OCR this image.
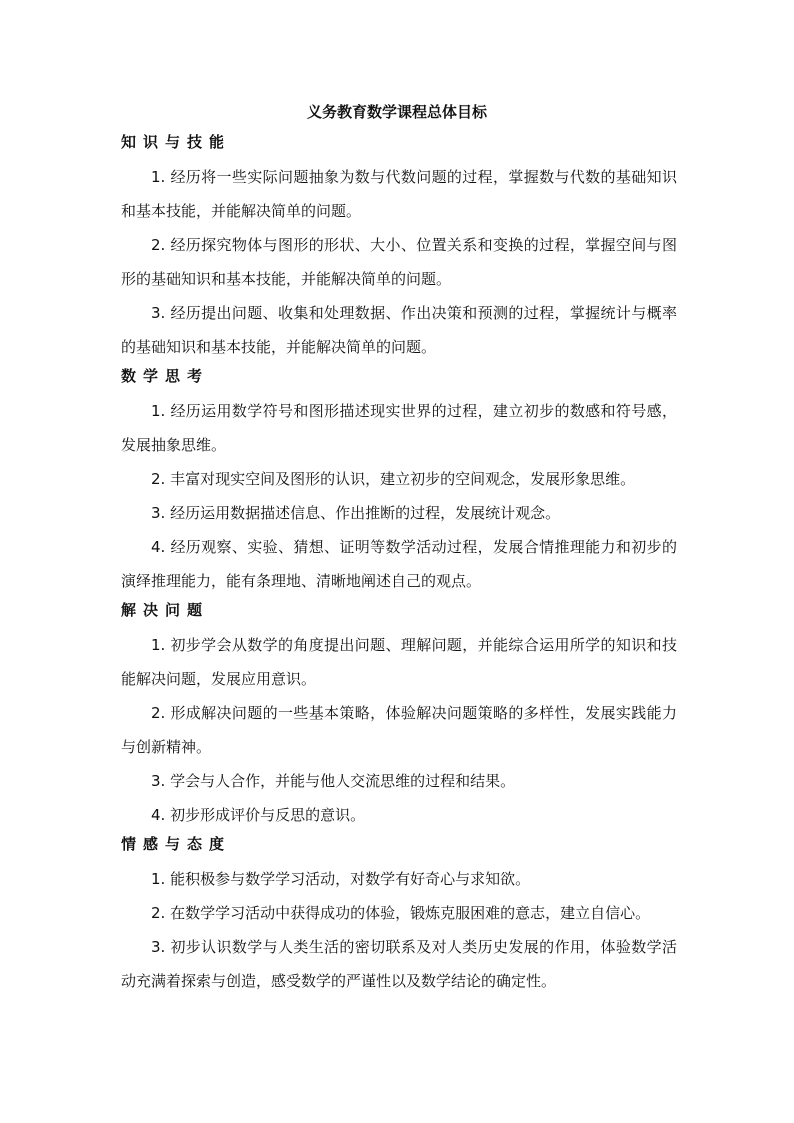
义务教育数学课程总体目标
知识与技能
1. 经历将一些实际问题抽象为数与代数问题的过程，掌握数与代数的基础知识和基本技能，并能解决简单的问题。
2. 经历探究物体与图形的形状、大小、位置关系和变换的过程，掌握空间与图形的基础知识和基本技能，并能解决简单的问题。
3. 经历提出问题、收集和处理数据、作出决策和预测的过程，掌握统计与概率的基础知识和基本技能，并能解决简单的问题。
数学思考
1. 经历运用数学符号和图形描述现实世界的过程，建立初步的数感和符号感，发展抽象思维。
2. 丰富对现实空间及图形的认识，建立初步的空间观念，发展形象思维。
3. 经历运用数据描述信息、作出推断的过程，发展统计观念。
4. 经历观察、实验、猜想、证明等数学活动过程，发展合情推理能力和初步的演绎推理能力，能有条理地、清晰地阐述自己的观点。
解决问题
1. 初步学会从数学的角度提出问题、理解问题，并能综合运用所学的知识和技能解决问题，发展应用意识。
2. 形成解决问题的一些基本策略，体验解决问题策略的多样性，发展实践能力与创新精神。
3. 学会与人合作，并能与他人交流思维的过程和结果。
4. 初步形成评价与反思的意识。
情感与态度
1. 能积极参与数学学习活动，对数学有好奇心与求知欲。
2. 在数学学习活动中获得成功的体验，锻炼克服困难的意志，建立自信心。
3. 初步认识数学与人类生活的密切联系及对人类历史发展的作用，体验数学活动充满着探索与创造，感受数学的严谨性以及数学结论的确定性。
